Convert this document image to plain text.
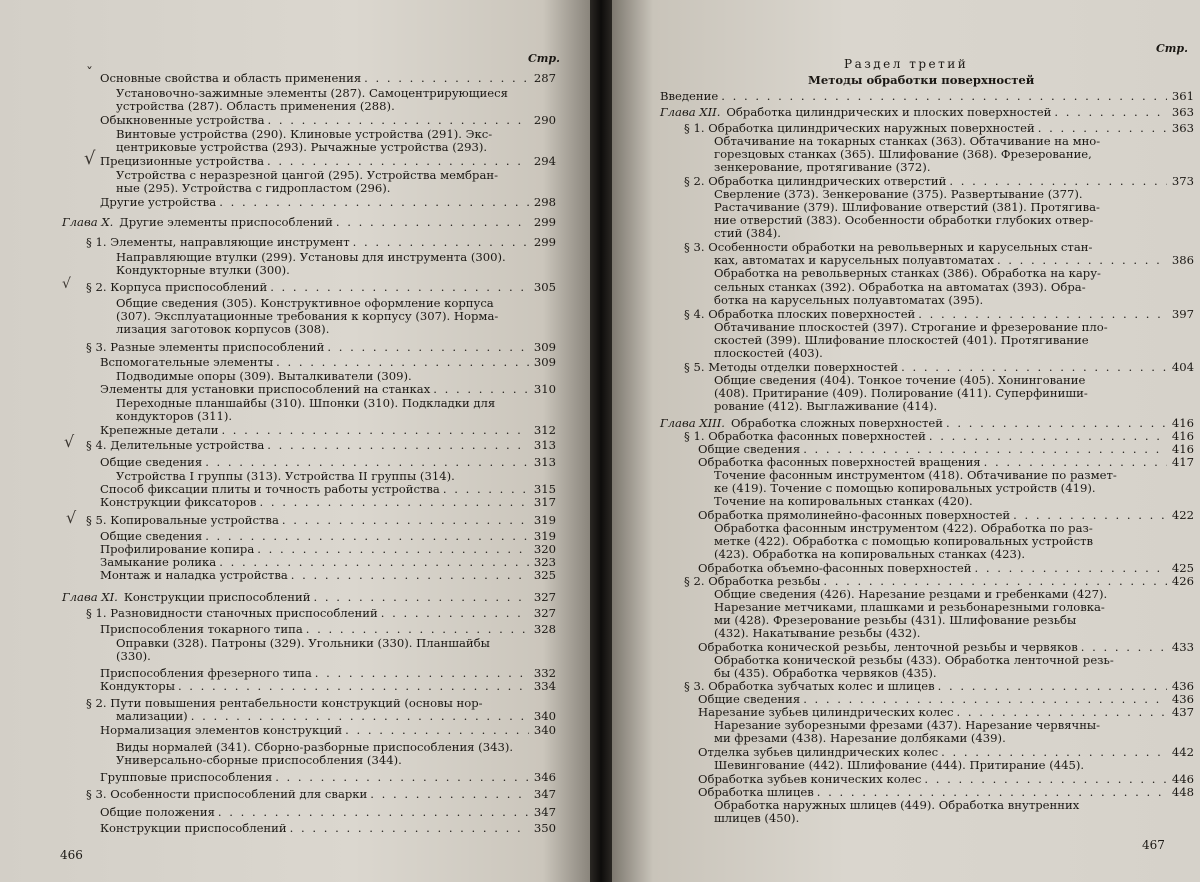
Стр.
466
ˇ
√
√
√
√
Основные свойства и область применения . . .	287
Установочно-зажимные элементы (287). Самоцентрирующиеся
устройства (287). Область применения (288).
Обыкновенные устройства . . .	290
Винтовые устройства (290). Клиновые устройства (291). Экс-
центриковые устройства (293). Рычажные устройства (293).
Прецизионные устройства . . .	294
Устройства с неразрезной цангой (295). Устройства мембран-
ные (295). Устройства с гидропластом (296).
Другие устройства . . .	298
Глава X. Другие элементы приспособлений . . .	299
§ 1. Элементы, направляющие инструмент . . .	299
Направляющие втулки (299). Установы для инструмента (300).
Кондукторные втулки (300).
§ 2. Корпуса приспособлений . . .	305
Общие сведения (305). Конструктивное оформление корпуса
(307). Эксплуатационные требования к корпусу (307). Норма-
лизация заготовок корпусов (308).
§ 3. Разные элементы приспособлений . . .	309
Вспомогательные элементы . . .	309
Подводимые опоры (309). Выталкиватели (309).
Элементы для установки приспособлений на станках . . .	310
Переходные планшайбы (310). Шпонки (310). Подкладки для
кондукторов (311).
Крепежные детали . . .	312
§ 4. Делительные устройства . . .	313
Общие сведения . . .	313
Устройства I группы (313). Устройства II группы (314).
Способ фиксации плиты и точность работы устройства . . .	315
Конструкции фиксаторов . . .	317
§ 5. Копировальные устройства . . .	319
Общие сведения . . .	319
Профилирование копира . . .	320
Замыкание ролика . . .	323
Монтаж и наладка устройства . . .	325
Глава XI. Конструкции приспособлений . . .	327
§ 1. Разновидности станочных приспособлений . . .	327
Приспособления токарного типа . . .	328
Оправки (328). Патроны (329). Угольники (330). Планшайбы
(330).
Приспособления фрезерного типа . . .	332
Кондукторы . . .	334
§ 2. Пути повышения рентабельности конструкций (основы нор-
мализации) . . .	340
Нормализация элементов конструкций . . .	340
Виды нормалей (341). Сборно-разборные приспособления (343).
Универсально-сборные приспособления (344).
Групповые приспособления . . .	346
§ 3. Особенности приспособлений для сварки . . .	347
Общие положения . . .	347
Конструкции приспособлений . . .	350
Стр.
Раздел третий
Методы обработки поверхностей
467
Введение . . .	361
Глава XII. Обработка цилиндрических и плоских поверхностей . . .	363
§ 1. Обработка цилиндрических наружных поверхностей . . .	363
Обтачивание на токарных станках (363). Обтачивание на мно-
горезцовых станках (365). Шлифование (368). Фрезерование,
зенкерование, протягивание (372).
§ 2. Обработка цилиндрических отверстий . . .	373
Сверление (373). Зенкерование (375). Развертывание (377).
Растачивание (379). Шлифование отверстий (381). Протягива-
ние отверстий (383). Особенности обработки глубоких отвер-
стий (384).
§ 3. Особенности обработки на револьверных и карусельных стан-
ках, автоматах и карусельных полуавтоматах . . .	386
Обработка на револьверных станках (386). Обработка на кару-
сельных станках (392). Обработка на автоматах (393). Обра-
ботка на карусельных полуавтоматах (395).
§ 4. Обработка плоских поверхностей . . .	397
Обтачивание плоскостей (397). Строгание и фрезерование пло-
скостей (399). Шлифование плоскостей (401). Протягивание
плоскостей (403).
§ 5. Методы отделки поверхностей . . .	404
Общие сведения (404). Тонкое точение (405). Хонингование
(408). Притирание (409). Полирование (411). Суперфиниши-
рование (412). Выглаживание (414).
Глава XIII. Обработка сложных поверхностей . . .	416
§ 1. Обработка фасонных поверхностей . . .	416
Общие сведения . . .	416
Обработка фасонных поверхностей вращения . . .	417
Точение фасонным инструментом (418). Обтачивание по размет-
ке (419). Точение с помощью копировальных устройств (419).
Точение на копировальных станках (420).
Обработка прямолинейно-фасонных поверхностей . . .	422
Обработка фасонным инструментом (422). Обработка по раз-
метке (422). Обработка с помощью копировальных устройств
(423). Обработка на копировальных станках (423).
Обработка объемно-фасонных поверхностей . . .	425
§ 2. Обработка резьбы . . .	426
Общие сведения (426). Нарезание резцами и гребенками (427).
Нарезание метчиками, плашками и резьбонарезными головка-
ми (428). Фрезерование резьбы (431). Шлифование резьбы
(432). Накатывание резьбы (432).
Обработка конической резьбы, ленточной резьбы и червяков . . .	433
Обработка конической резьбы (433). Обработка ленточной резь-
бы (435). Обработка червяков (435).
§ 3. Обработка зубчатых колес и шлицев . . .	436
Общие сведения . . .	436
Нарезание зубьев цилиндрических колес . . .	437
Нарезание зуборезными фрезами (437). Нарезание червячны-
ми фрезами (438). Нарезание долбяками (439).
Отделка зубьев цилиндрических колес . . .	442
Шевингование (442). Шлифование (444). Притирание (445).
Обработка зубьев конических колес . . .	446
Обработка шлицев . . .	448
Обработка наружных шлицев (449). Обработка внутренних
шлицев (450).
